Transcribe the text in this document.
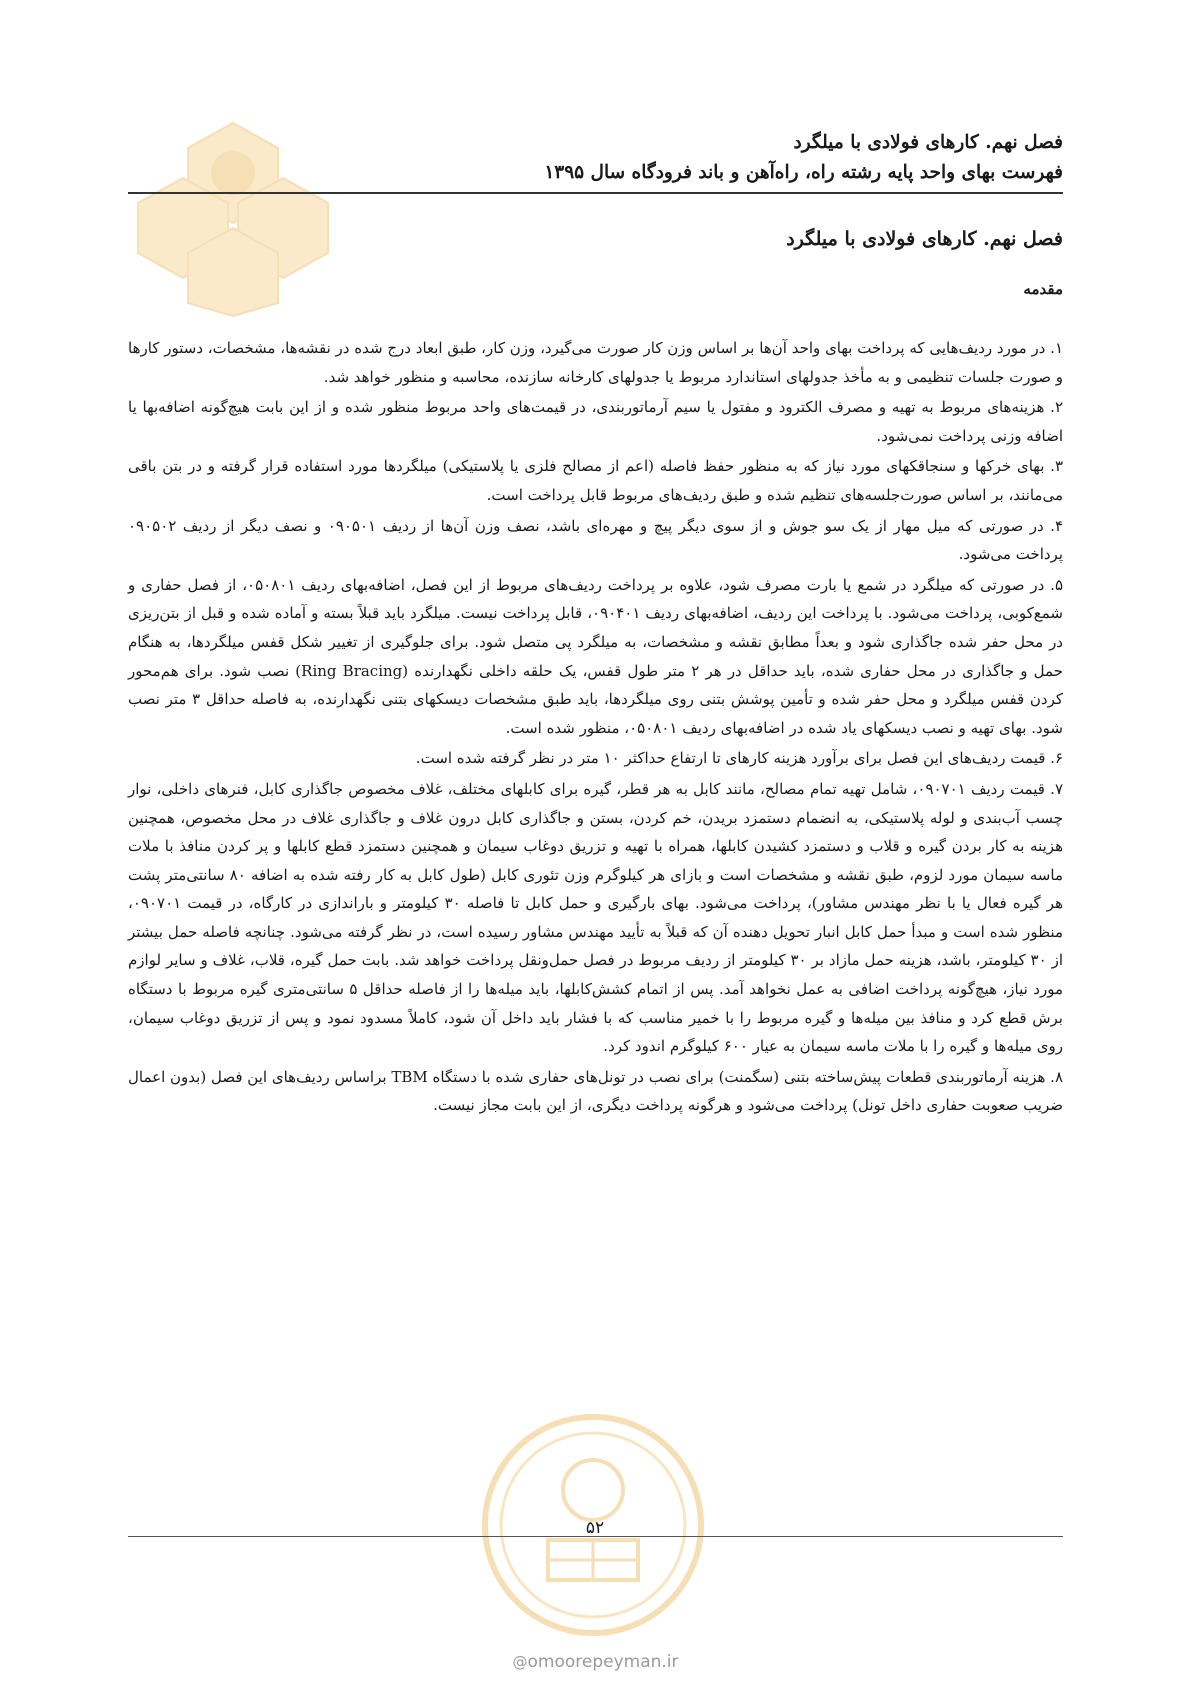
فصل نهم. کارهای فولادی با میلگرد
فهرست بهای واحد پایه رشته راه، راه‌آهن و باند فرودگاه سال ۱۳۹۵
فصل نهم. کارهای فولادی با میلگرد
مقدمه

۱. در مورد ردیف‌هایی که پرداخت بهای واحد آن‌ها بر اساس وزن کار صورت می‌گیرد، وزن کار، طبق ابعاد درج شده در نقشه‌ها، مشخصات، دستور کارها و صورت جلسات تنظیمی و به مأخذ جدولهای استاندارد مربوط یا جدولهای کارخانه سازنده، محاسبه و منظور خواهد شد.

۲. هزینه‌های مربوط به تهیه و مصرف الکترود و مفتول یا سیم آرماتوربندی، در قیمت‌های واحد مربوط منظور شده و از این بابت هیچ‌گونه اضافه‌بها یا اضافه وزنی پرداخت نمی‌شود.

۳. بهای خرکها و سنجاقکهای مورد نیاز که به منظور حفظ فاصله (اعم از مصالح فلزی یا پلاستیکی) میلگردها مورد استفاده قرار گرفته و در بتن باقی می‌مانند، بر اساس صورت‌جلسه‌های تنظیم شده و طبق ردیف‌های مربوط قابل پرداخت است.

۴. در صورتی که میل مهار از یک سو جوش و از سوی دیگر پیچ و مهره‌ای باشد، نصف وزن آن‌ها از ردیف ۰۹۰۵۰۱ و نصف دیگر از ردیف ۰۹۰۵۰۲ پرداخت می‌شود.

۵. در صورتی که میلگرد در شمع یا بارت مصرف شود، علاوه بر پرداخت ردیف‌های مربوط از این فصل، اضافه‌بهای ردیف ۰۵۰۸۰۱، از فصل حفاری و شمع‌کوبی، پرداخت می‌شود. با پرداخت این ردیف، اضافه‌بهای ردیف ۰۹۰۴۰۱، قابل پرداخت نیست. میلگرد باید قبلاً بسته و آماده شده و قبل از بتن‌ریزی در محل حفر شده جاگذاری شود و بعداً مطابق نقشه و مشخصات، به میلگرد پی متصل شود. برای جلوگیری از تغییر شکل قفس میلگردها، به هنگام حمل و جاگذاری در محل حفاری شده، باید حداقل در هر ۲ متر طول قفس، یک حلقه داخلی نگهدارنده (Ring Bracing) نصب شود. برای هم‌محور کردن قفس میلگرد و محل حفر شده و تأمین پوشش بتنی روی میلگردها، باید طبق مشخصات دیسکهای بتنی نگهدارنده، به فاصله حداقل ۳ متر نصب شود. بهای تهیه و نصب دیسکهای یاد شده در اضافه‌بهای ردیف ۰۵۰۸۰۱، منظور شده است.

۶. قیمت ردیف‌های این فصل برای برآورد هزینه کارهای تا ارتفاع حداکثر ۱۰ متر در نظر گرفته شده است.

۷. قیمت ردیف ۰۹۰۷۰۱، شامل تهیه تمام مصالح، مانند کابل به هر قطر، گیره برای کابلهای مختلف، غلاف مخصوص جاگذاری کابل، فنرهای داخلی، نوار چسب آب‌بندی و لوله پلاستیکی، به انضمام دستمزد بریدن، خم کردن، بستن و جاگذاری کابل درون غلاف و جاگذاری غلاف در محل مخصوص، همچنین هزینه به کار بردن گیره و قلاب و دستمزد کشیدن کابلها، همراه با تهیه و تزریق دوغاب سیمان و همچنین دستمزد قطع کابلها و پر کردن منافذ با ملات ماسه سیمان مورد لزوم، طبق نقشه و مشخصات است و بازای هر کیلوگرم وزن تئوری کابل (طول کابل به کار رفته شده به اضافه ۸۰ سانتی‌متر پشت هر گیره فعال یا با نظر مهندس مشاور)، پرداخت می‌شود. بهای بارگیری و حمل کابل تا فاصله ۳۰ کیلومتر و باراندازی در کارگاه، در قیمت ۰۹۰۷۰۱، منظور شده است و مبدأ حمل کابل انبار تحویل دهنده آن که قبلاً به تأیید مهندس مشاور رسیده است، در نظر گرفته می‌شود. چنانچه فاصله حمل بیشتر از ۳۰ کیلومتر، باشد، هزینه حمل مازاد بر ۳۰ کیلومتر از ردیف مربوط در فصل حمل‌ونقل پرداخت خواهد شد. بابت حمل گیره، قلاب، غلاف و سایر لوازم مورد نیاز، هیچ‌گونه پرداخت اضافی به عمل نخواهد آمد. پس از اتمام کشش‌کابلها، باید میله‌ها را از فاصله حداقل ۵ سانتی‌متری گیره مربوط با دستگاه برش قطع کرد و منافذ بین میله‌ها و گیره مربوط را با خمیر مناسب که با فشار باید داخل آن شود، کاملاً مسدود نمود و پس از تزریق دوغاب سیمان، روی میله‌ها و گیره را با ملات ماسه سیمان به عیار ۶۰۰ کیلوگرم اندود کرد.

۸. هزینه آرماتوربندی قطعات پیش‌ساخته بتنی (سگمنت) برای نصب در تونل‌های حفاری شده با دستگاه TBM براساس ردیف‌های این فصل (بدون اعمال ضریب صعوبت حفاری داخل تونل) پرداخت می‌شود و هرگونه پرداخت دیگری، از این بابت مجاز نیست.

۵۲
@omoorepeyman.ir
